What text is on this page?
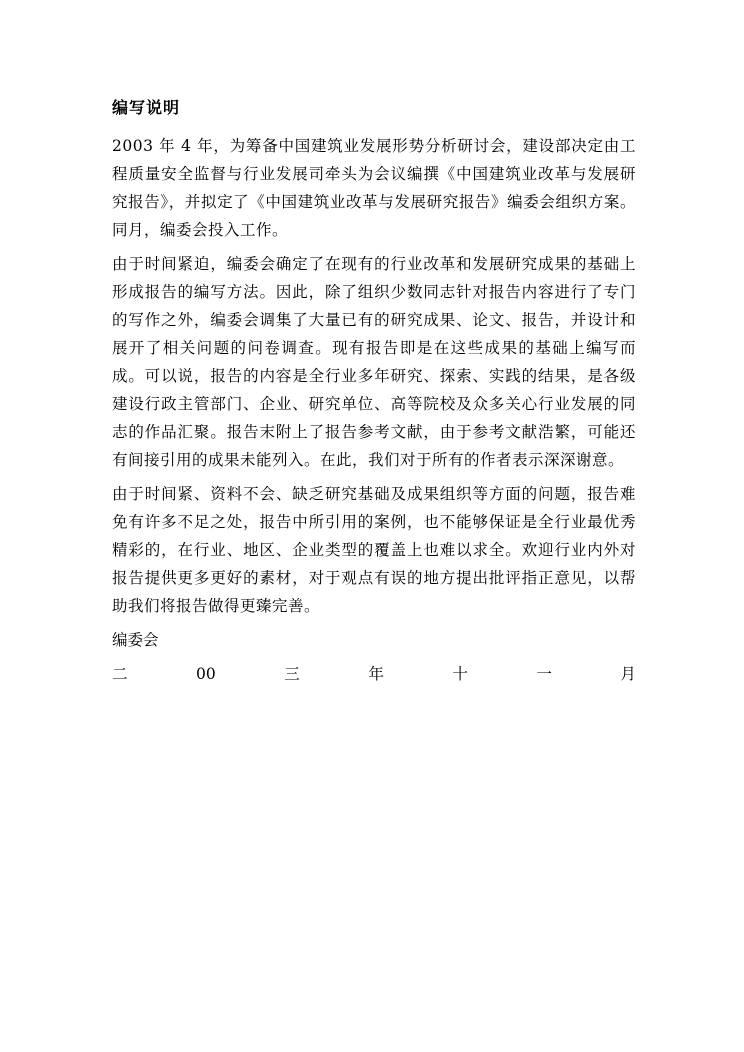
编写说明

2003 年 4 年，为筹备中国建筑业发展形势分析研讨会，建设部决定由工程质量安全监督与行业发展司牵头为会议编撰《中国建筑业改革与发展研究报告》，并拟定了《中国建筑业改革与发展研究报告》编委会组织方案。同月，编委会投入工作。

由于时间紧迫，编委会确定了在现有的行业改革和发展研究成果的基础上形成报告的编写方法。因此，除了组织少数同志针对报告内容进行了专门的写作之外，编委会调集了大量已有的研究成果、论文、报告，并设计和展开了相关问题的问卷调查。现有报告即是在这些成果的基础上编写而成。可以说，报告的内容是全行业多年研究、探索、实践的结果，是各级建设行政主管部门、企业、研究单位、高等院校及众多关心行业发展的同志的作品汇聚。报告末附上了报告参考文献，由于参考文献浩繁，可能还有间接引用的成果未能列入。在此，我们对于所有的作者表示深深谢意。

由于时间紧、资料不会、缺乏研究基础及成果组织等方面的问题，报告难免有许多不足之处，报告中所引用的案例，也不能够保证是全行业最优秀精彩的，在行业、地区、企业类型的覆盖上也难以求全。欢迎行业内外对报告提供更多更好的素材，对于观点有误的地方提出批评指正意见，以帮助我们将报告做得更臻完善。

编委会
二	00	三	年	十	一	月
